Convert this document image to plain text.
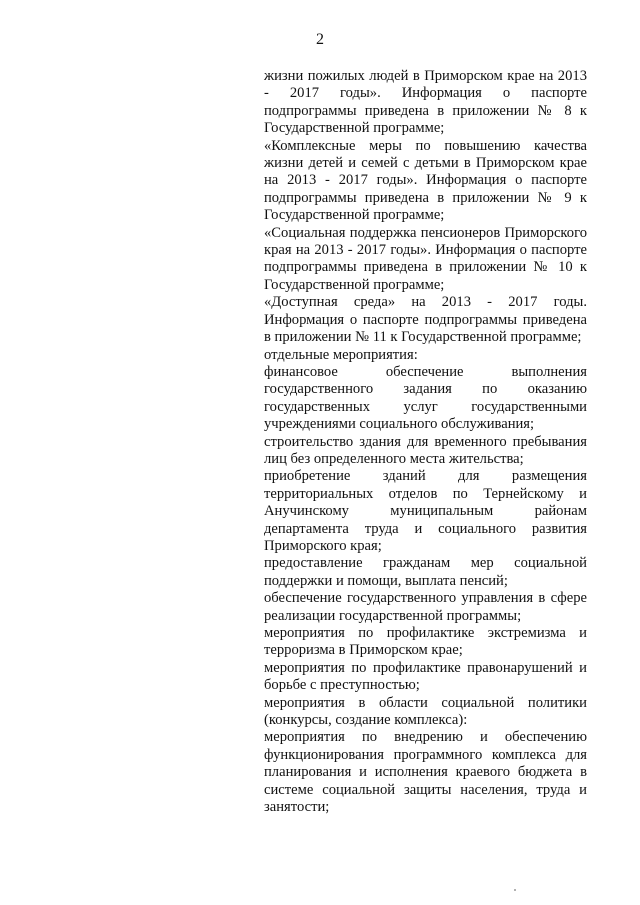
2

жизни пожилых людей в Приморском крае на 2013 - 2017 годы». Информация о паспорте подпрограммы приведена в приложении № 8 к Государственной программе;

«Комплексные меры по повышению качества жизни детей и семей с детьми в Приморском крае на 2013 - 2017 годы». Информация о паспорте подпрограммы приведена в приложении № 9 к Государственной программе;

«Социальная поддержка пенсионеров Приморского края на 2013 - 2017 годы». Информация о паспорте подпрограммы приведена в приложении № 10 к Государственной программе;

«Доступная среда» на 2013 - 2017 годы. Информация о паспорте подпрограммы приведена в приложении № 11 к Государственной программе;

отдельные мероприятия:

финансовое обеспечение выполнения государственного задания по оказанию государственных услуг государственными учреждениями социального обслуживания;

строительство здания для временного пребывания лиц без определенного места жительства;

приобретение зданий для размещения территориальных отделов по Тернейскому и Анучинскому муниципальным районам департамента труда и социального развития Приморского края;

предоставление гражданам мер социальной поддержки и помощи, выплата пенсий;

обеспечение государственного управления в сфере реализации государственной программы;

мероприятия по профилактике экстремизма и терроризма в Приморском крае;

мероприятия по профилактике правонарушений и борьбе с преступностью;

мероприятия в области социальной политики (конкурсы, создание комплекса):

мероприятия по внедрению и обеспечению функционирования программного комплекса для планирования и исполнения краевого бюджета в системе социальной защиты населения, труда и занятости;
